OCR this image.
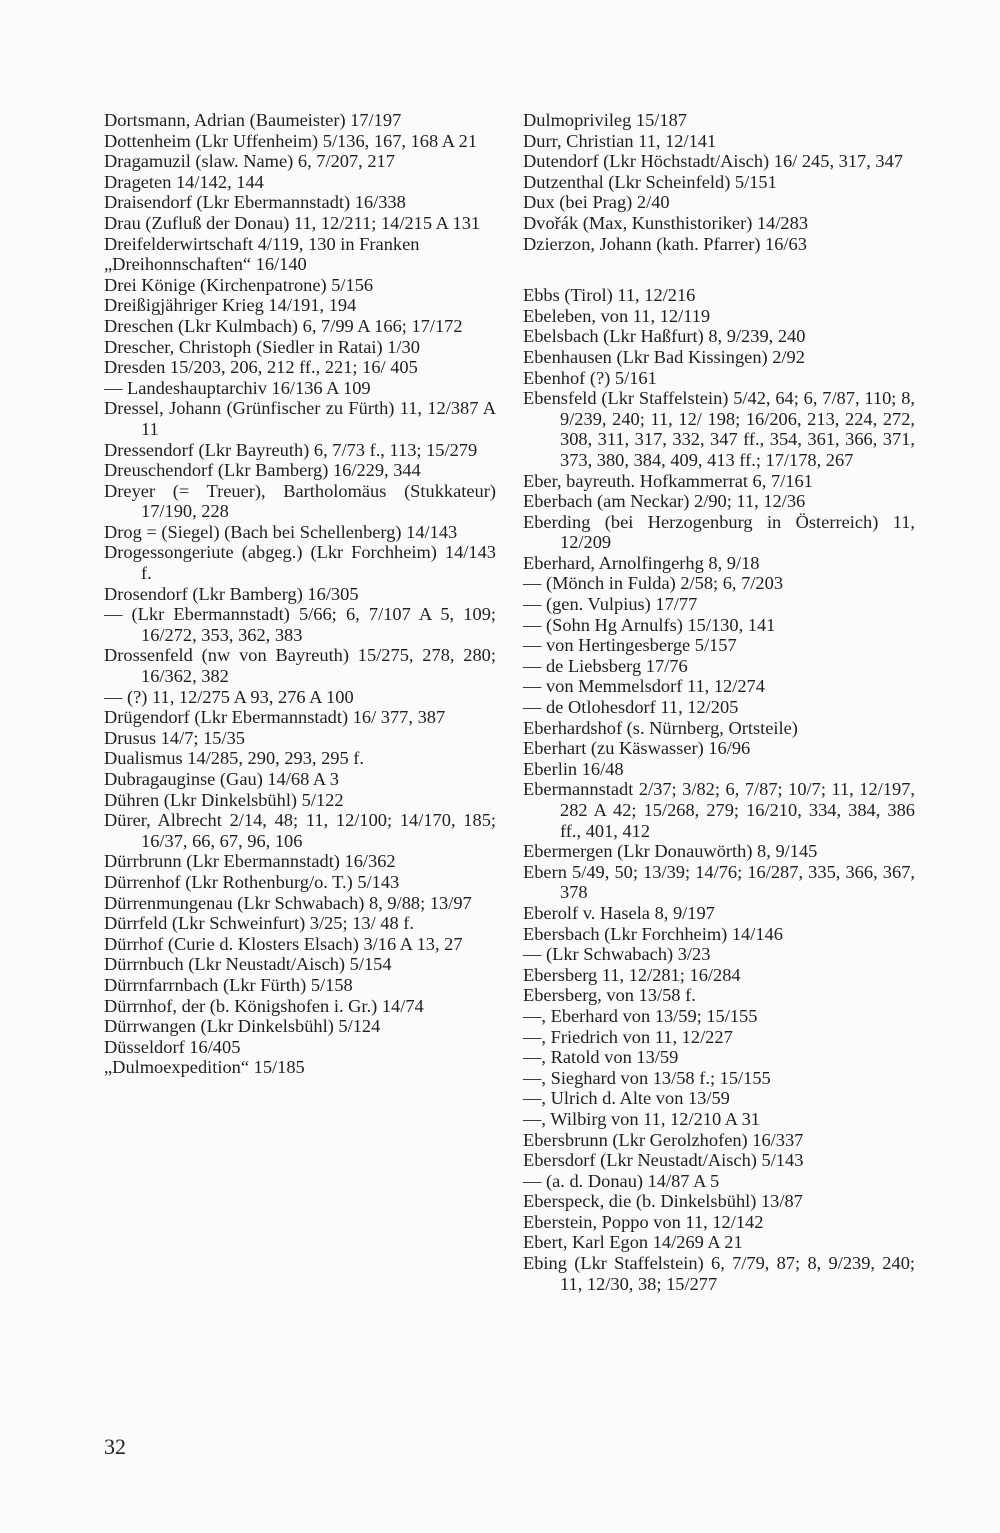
Dortsmann, Adrian (Baumeister) 17/197
Dottenheim (Lkr Uffenheim) 5/136, 167, 168 A 21
Dragamuzil (slaw. Name) 6, 7/207, 217
Drageten 14/142, 144
Draisendorf (Lkr Ebermannstadt) 16/338
Drau (Zufluß der Donau) 11, 12/211; 14/215 A 131
Dreifelderwirtschaft 4/119, 130 in Franken
„Dreihonnschaften“ 16/140
Drei Könige (Kirchenpatrone) 5/156
Dreißigjähriger Krieg 14/191, 194
Dreschen (Lkr Kulmbach) 6, 7/99 A 166; 17/172
Drescher, Christoph (Siedler in Ratai) 1/30
Dresden 15/203, 206, 212 ff., 221; 16/ 405
— Landeshauptarchiv 16/136 A 109
Dressel, Johann (Grünfischer zu Fürth) 11, 12/387 A 11
Dressendorf (Lkr Bayreuth) 6, 7/73 f., 113; 15/279
Dreuschendorf (Lkr Bamberg) 16/229, 344
Dreyer (= Treuer), Bartholomäus (Stukkateur) 17/190, 228
Drog = (Siegel) (Bach bei Schellenberg) 14/143
Drogessongeriute (abgeg.) (Lkr Forchheim) 14/143 f.
Drosendorf (Lkr Bamberg) 16/305
— (Lkr Ebermannstadt) 5/66; 6, 7/107 A 5, 109; 16/272, 353, 362, 383
Drossenfeld (nw von Bayreuth) 15/275, 278, 280; 16/362, 382
— (?) 11, 12/275 A 93, 276 A 100
Drügendorf (Lkr Ebermannstadt) 16/ 377, 387
Drusus 14/7; 15/35
Dualismus 14/285, 290, 293, 295 f.
Dubragauginse (Gau) 14/68 A 3
Dühren (Lkr Dinkelsbühl) 5/122
Dürer, Albrecht 2/14, 48; 11, 12/100; 14/170, 185; 16/37, 66, 67, 96, 106
Dürrbrunn (Lkr Ebermannstadt) 16/362
Dürrenhof (Lkr Rothenburg/o. T.) 5/143
Dürrenmungenau (Lkr Schwabach) 8, 9/88; 13/97
Dürrfeld (Lkr Schweinfurt) 3/25; 13/ 48 f.
Dürrhof (Curie d. Klosters Elsach) 3/16 A 13, 27
Dürrnbuch (Lkr Neustadt/Aisch) 5/154
Dürrnfarrnbach (Lkr Fürth) 5/158
Dürrnhof, der (b. Königshofen i. Gr.) 14/74
Dürrwangen (Lkr Dinkelsbühl) 5/124
Düsseldorf 16/405
„Dulmoexpedition“ 15/185
Dulmoprivileg 15/187
Durr, Christian 11, 12/141
Dutendorf (Lkr Höchstadt/Aisch) 16/ 245, 317, 347
Dutzenthal (Lkr Scheinfeld) 5/151
Dux (bei Prag) 2/40
Dvořák (Max, Kunsthistoriker) 14/283
Dzierzon, Johann (kath. Pfarrer) 16/63
Ebbs (Tirol) 11, 12/216
Ebeleben, von 11, 12/119
Ebelsbach (Lkr Haßfurt) 8, 9/239, 240
Ebenhausen (Lkr Bad Kissingen) 2/92
Ebenhof (?) 5/161
Ebensfeld (Lkr Staffelstein) 5/42, 64; 6, 7/87, 110; 8, 9/239, 240; 11, 12/ 198; 16/206, 213, 224, 272, 308, 311, 317, 332, 347 ff., 354, 361, 366, 371, 373, 380, 384, 409, 413 ff.; 17/178, 267
Eber, bayreuth. Hofkammerrat 6, 7/161
Eberbach (am Neckar) 2/90; 11, 12/36
Eberding (bei Herzogenburg in Österreich) 11, 12/209
Eberhard, Arnolfingerhg 8, 9/18
— (Mönch in Fulda) 2/58; 6, 7/203
— (gen. Vulpius) 17/77
— (Sohn Hg Arnulfs) 15/130, 141
— von Hertingesberge 5/157
— de Liebsberg 17/76
— von Memmelsdorf 11, 12/274
— de Otlohesdorf 11, 12/205
Eberhardshof (s. Nürnberg, Ortsteile)
Eberhart (zu Käswasser) 16/96
Eberlin 16/48
Ebermannstadt 2/37; 3/82; 6, 7/87; 10/7; 11, 12/197, 282 A 42; 15/268, 279; 16/210, 334, 384, 386 ff., 401, 412
Ebermergen (Lkr Donauwörth) 8, 9/145
Ebern 5/49, 50; 13/39; 14/76; 16/287, 335, 366, 367, 378
Eberolf v. Hasela 8, 9/197
Ebersbach (Lkr Forchheim) 14/146
— (Lkr Schwabach) 3/23
Ebersberg 11, 12/281; 16/284
Ebersberg, von 13/58 f.
—, Eberhard von 13/59; 15/155
—, Friedrich von 11, 12/227
—, Ratold von 13/59
—, Sieghard von 13/58 f.; 15/155
—, Ulrich d. Alte von 13/59
—, Wilbirg von 11, 12/210 A 31
Ebersbrunn (Lkr Gerolzhofen) 16/337
Ebersdorf (Lkr Neustadt/Aisch) 5/143
— (a. d. Donau) 14/87 A 5
Eberspeck, die (b. Dinkelsbühl) 13/87
Eberstein, Poppo von 11, 12/142
Ebert, Karl Egon 14/269 A 21
Ebing (Lkr Staffelstein) 6, 7/79, 87; 8, 9/239, 240; 11, 12/30, 38; 15/277
32
